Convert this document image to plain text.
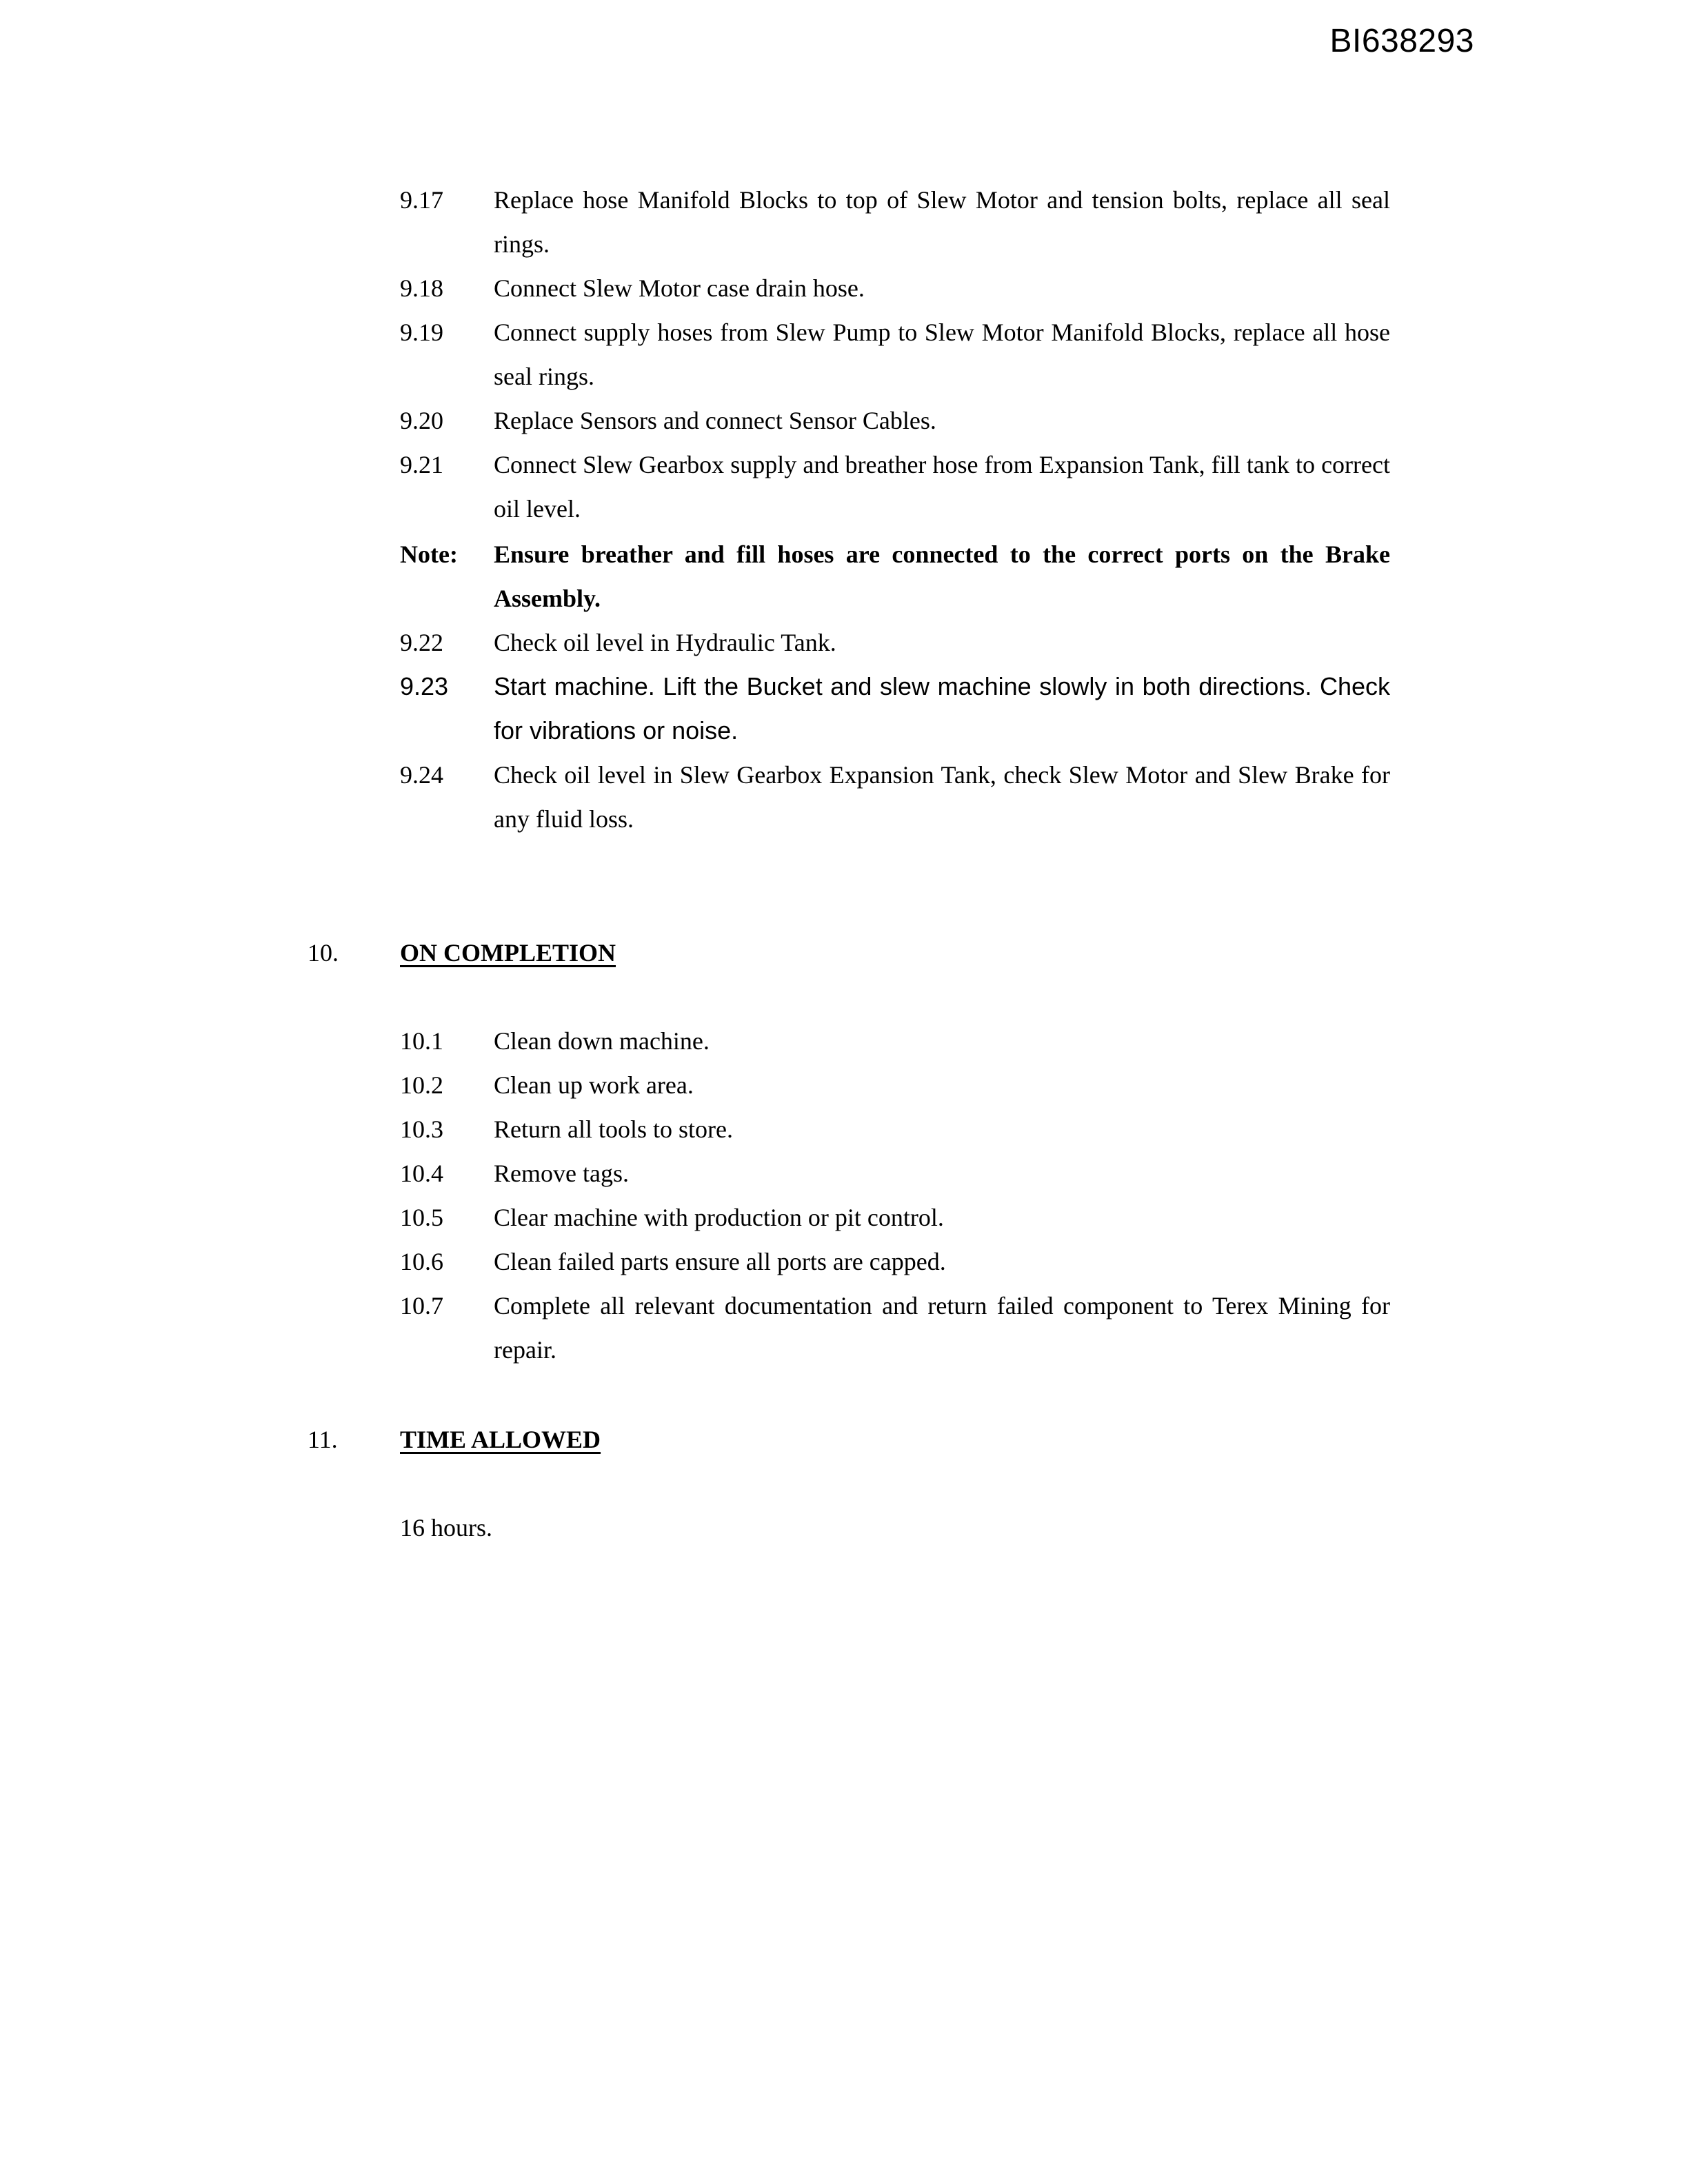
BI638293
9.17 Replace hose Manifold Blocks to top of Slew Motor and tension bolts, replace all seal rings.
9.18 Connect Slew Motor case drain hose.
9.19 Connect supply hoses from Slew Pump to Slew Motor Manifold Blocks, replace all hose seal rings.
9.20 Replace Sensors and connect Sensor Cables.
9.21 Connect Slew Gearbox supply and breather hose from Expansion Tank, fill tank to correct oil level.
Note: Ensure breather and fill hoses are connected to the correct ports on the Brake Assembly.
9.22 Check oil level in Hydraulic Tank.
9.23 Start machine. Lift the Bucket and slew machine slowly in both directions. Check for vibrations or noise.
9.24 Check oil level in Slew Gearbox Expansion Tank, check Slew Motor and Slew Brake for any fluid loss.
10. ON COMPLETION
10.1 Clean down machine.
10.2 Clean up work area.
10.3 Return all tools to store.
10.4 Remove tags.
10.5 Clear machine with production or pit control.
10.6 Clean failed parts ensure all ports are capped.
10.7 Complete all relevant documentation and return failed component to Terex Mining for repair.
11.	TIME ALLOWED
16 hours.
